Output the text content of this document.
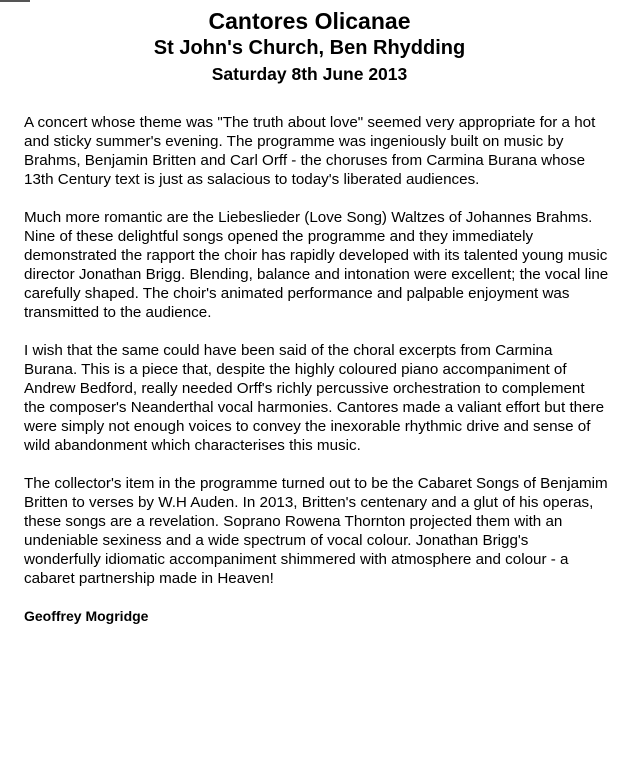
Cantores Olicanae
St John's Church, Ben Rhydding
Saturday 8th June 2013

A concert whose theme was "The truth about love" seemed very appropriate for a hot and sticky summer's evening. The programme was ingeniously built on music by Brahms, Benjamin Britten and Carl Orff - the choruses from Carmina Burana whose 13th Century text is just as salacious to today's liberated audiences.

Much more romantic are the Liebeslieder (Love Song) Waltzes of Johannes Brahms. Nine of these delightful songs opened the programme and they immediately demonstrated the rapport the choir has rapidly developed with its talented young music director Jonathan Brigg. Blending, balance and intonation were excellent; the vocal line carefully shaped. The choir's animated performance and palpable enjoyment was transmitted to the audience.

I wish that the same could have been said of the choral excerpts from Carmina Burana. This is a piece that, despite the highly coloured piano accompaniment of Andrew Bedford, really needed Orff's richly percussive orchestration to complement the composer's Neanderthal vocal harmonies. Cantores made a valiant effort but there were simply not enough voices to convey the inexorable rhythmic drive and sense of wild abandonment which characterises this music.

The collector's item in the programme turned out to be the Cabaret Songs of Benjamim Britten to verses by W.H Auden. In 2013, Britten's centenary and a glut of his operas, these songs are a revelation. Soprano Rowena Thornton projected them with an undeniable sexiness and a wide spectrum of vocal colour. Jonathan Brigg's wonderfully idiomatic accompaniment shimmered with atmosphere and colour - a cabaret partnership made in Heaven!

Geoffrey Mogridge
